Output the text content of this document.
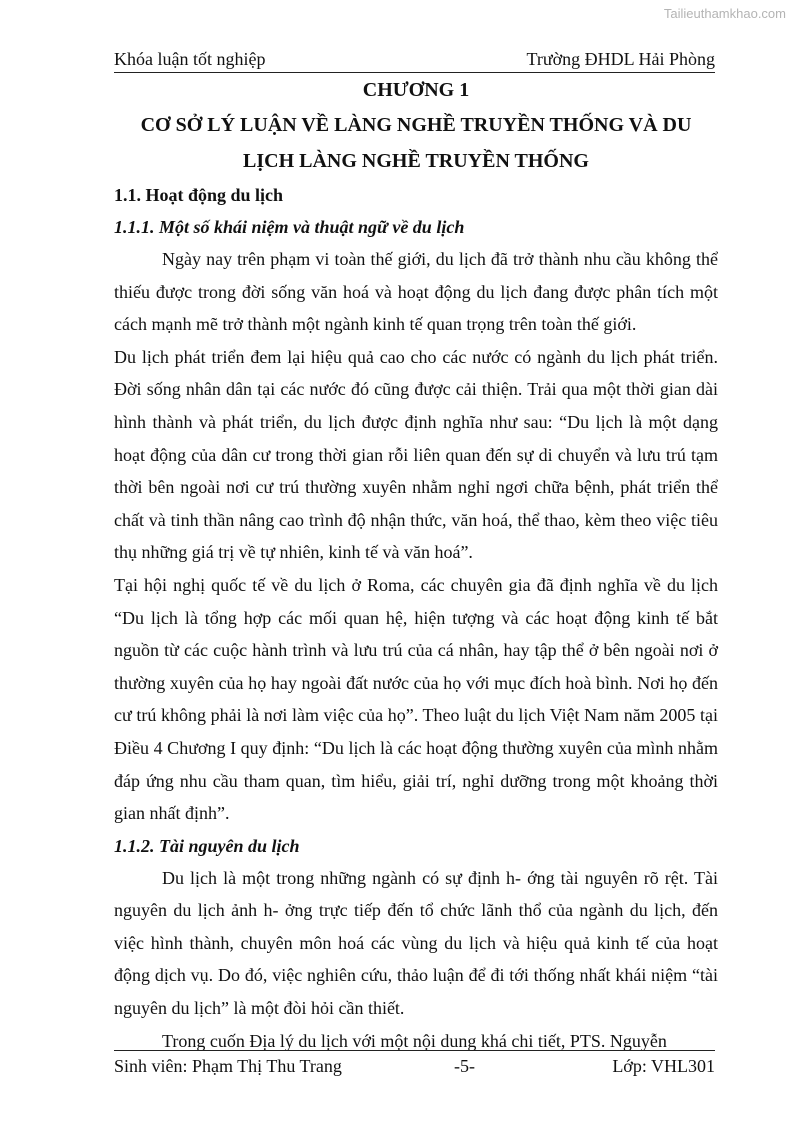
Tailieuthamkhao.com
Khóa luận tốt nghiệp	Trường ĐHDL Hải Phòng

CHƯƠNG 1

CƠ SỞ LÝ LUẬN VỀ LÀNG NGHỀ TRUYỀN THỐNG VÀ DU

LỊCH LÀNG NGHỀ TRUYỀN THỐNG

1.1. Hoạt động du lịch

1.1.1. Một số khái niệm và thuật ngữ về du lịch

Ngày nay trên phạm vi toàn thế giới, du lịch đã trở thành nhu cầu không thể thiếu được trong đời sống văn hoá và hoạt động du lịch đang được phân tích một cách mạnh mẽ trở thành một ngành kinh tế quan trọng trên toàn thế giới.

Du lịch phát triển đem lại hiệu quả cao cho các nước có ngành du lịch phát triển. Đời sống nhân dân tại các nước đó cũng được cải thiện. Trải qua một thời gian dài hình thành và phát triển, du lịch được định nghĩa như sau: “Du lịch là một dạng hoạt động của dân cư trong thời gian rỗi liên quan đến sự di chuyển và lưu trú tạm thời bên ngoài nơi cư trú thường xuyên nhằm nghỉ ngơi chữa bệnh, phát triển thể chất và tinh thần nâng cao trình độ nhận thức, văn hoá, thể thao, kèm theo việc tiêu thụ những giá trị về tự nhiên, kinh tế và văn hoá”.

Tại hội nghị quốc tế về du lịch ở Roma, các chuyên gia đã định nghĩa về du lịch “Du lịch là tổng hợp các mối quan hệ, hiện tượng và các hoạt động kinh tế bắt nguồn từ các cuộc hành trình và lưu trú của cá nhân, hay tập thể ở bên ngoài nơi ở thường xuyên của họ hay ngoài đất nước của họ với mục đích hoà bình. Nơi họ đến cư trú không phải là nơi làm việc của họ”. Theo luật du lịch Việt Nam năm 2005 tại Điều 4 Chương I quy định: “Du lịch là các hoạt động thường xuyên của mình nhằm đáp ứng nhu cầu tham quan, tìm hiểu, giải trí, nghỉ dưỡng trong một khoảng thời gian nhất định”.

1.1.2. Tài nguyên du lịch

Du lịch là một trong những ngành có sự định h- ớng tài nguyên rõ rệt. Tài nguyên du lịch ảnh h- ởng trực tiếp đến tổ chức lãnh thổ của ngành du lịch, đến việc hình thành, chuyên môn hoá các vùng du lịch và hiệu quả kinh tế của hoạt động dịch vụ. Do đó, việc nghiên cứu, thảo luận để đi tới thống nhất khái niệm “tài nguyên du lịch” là một đòi hỏi cần thiết.

Trong cuốn Địa lý du lịch với một nội dung khá chi tiết, PTS. Nguyễn

Sinh viên: Phạm Thị Thu Trang	-5-	Lớp: VHL301
